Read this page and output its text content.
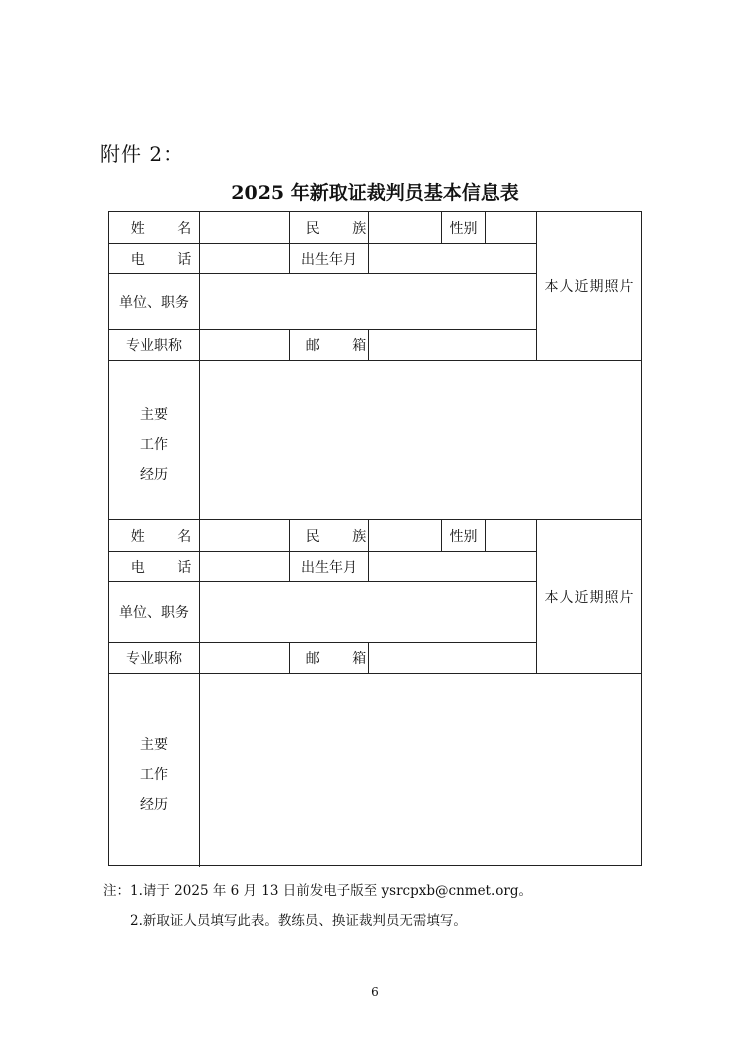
附件 2：
2025 年新取证裁判员基本信息表
姓 名	民 族	性别
电 话	出生年月
单位、职务
专业职称	邮 箱
本人近期照片
主要
工作
经历
姓 名	民 族	性别
电 话	出生年月
单位、职务
专业职称	邮 箱
本人近期照片
主要
工作
经历
注：1.请于 2025 年 6 月 13 日前发电子版至 ysrcpxb@cnmet.org。
2.新取证人员填写此表。教练员、换证裁判员无需填写。
6
